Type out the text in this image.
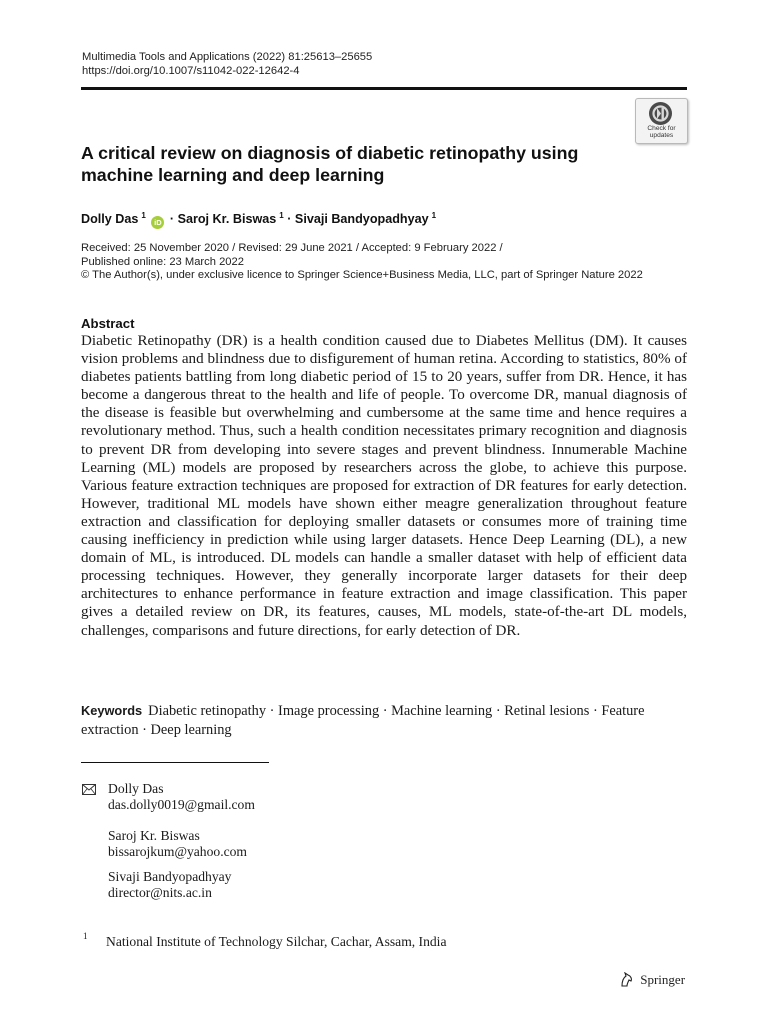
Multimedia Tools and Applications (2022) 81:25613–25655
https://doi.org/10.1007/s11042-022-12642-4
Check for
updates
A critical review on diagnosis of diabetic retinopathy using machine learning and deep learning
Dolly Das $^1$ iD · Saroj Kr. Biswas $^1$ · Sivaji Bandyopadhyay $^1$
Received: 25 November 2020 / Revised: 29 June 2021 / Accepted: 9 February 2022 /
Published online: 23 March 2022
© The Author(s), under exclusive licence to Springer Science+Business Media, LLC, part of Springer Nature 2022
Abstract
Diabetic Retinopathy (DR) is a health condition caused due to Diabetes Mellitus (DM). It causes vision problems and blindness due to disfigurement of human retina. According to statistics, 80% of diabetes patients battling from long diabetic period of 15 to 20 years, suffer from DR. Hence, it has become a dangerous threat to the health and life of people. To overcome DR, manual diagnosis of the disease is feasible but overwhelming and cumbersome at the same time and hence requires a revolutionary method. Thus, such a health condition necessitates primary recognition and diagnosis to prevent DR from developing into severe stages and prevent blindness. Innumerable Machine Learning (ML) models are proposed by researchers across the globe, to achieve this purpose. Various feature extraction techniques are proposed for extraction of DR features for early detection. However, traditional ML models have shown either meagre generalization throughout feature extraction and classification for deploying smaller datasets or consumes more of training time causing inefficiency in prediction while using larger datasets. Hence Deep Learning (DL), a new domain of ML, is introduced. DL models can handle a smaller dataset with help of efficient data processing techniques. However, they generally incorporate larger datasets for their deep architectures to enhance performance in feature extraction and image classification. This paper gives a detailed review on DR, its features, causes, ML models, state-of-the-art DL models, challenges, comparisons and future directions, for early detection of DR.
Keywords Diabetic retinopathy · Image processing · Machine learning · Retinal lesions · Feature extraction · Deep learning
Dolly Das
das.dolly0019@gmail.com
Saroj Kr. Biswas
bissarojkum@yahoo.com
Sivaji Bandyopadhyay
director@nits.ac.in
1 National Institute of Technology Silchar, Cachar, Assam, India
Springer
